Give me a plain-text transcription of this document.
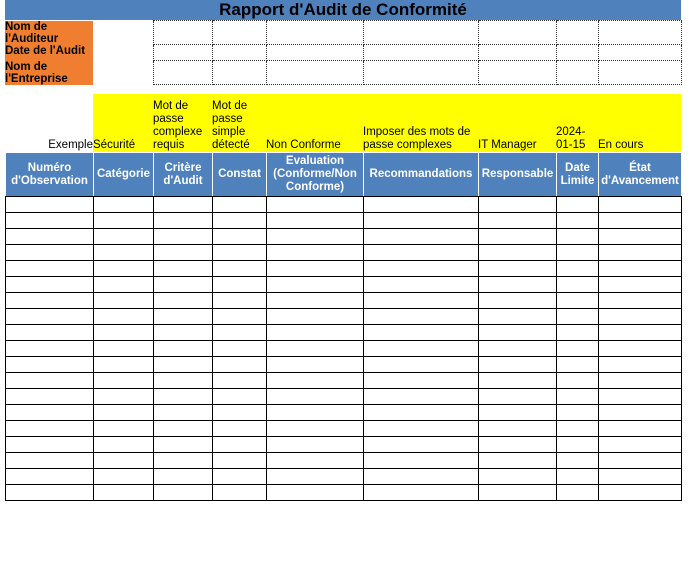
Rapport d'Audit de Conformité
Nom de l'Auditeur								

Date de l'Audit								
Nom de l'Entreprise								

Exemple	Sécurité	Mot de passe complexe requis	Mot de passe simple détecté	Non Conforme	Imposer des mots de passe complexes	IT Manager	2024-01-15	En cours
Numéro d'Observation	Catégorie	Critère d'Audit	Constat	Evaluation (Conforme/Non Conforme)	Recommandations	Responsable	Date Limite	État d'Avancement
